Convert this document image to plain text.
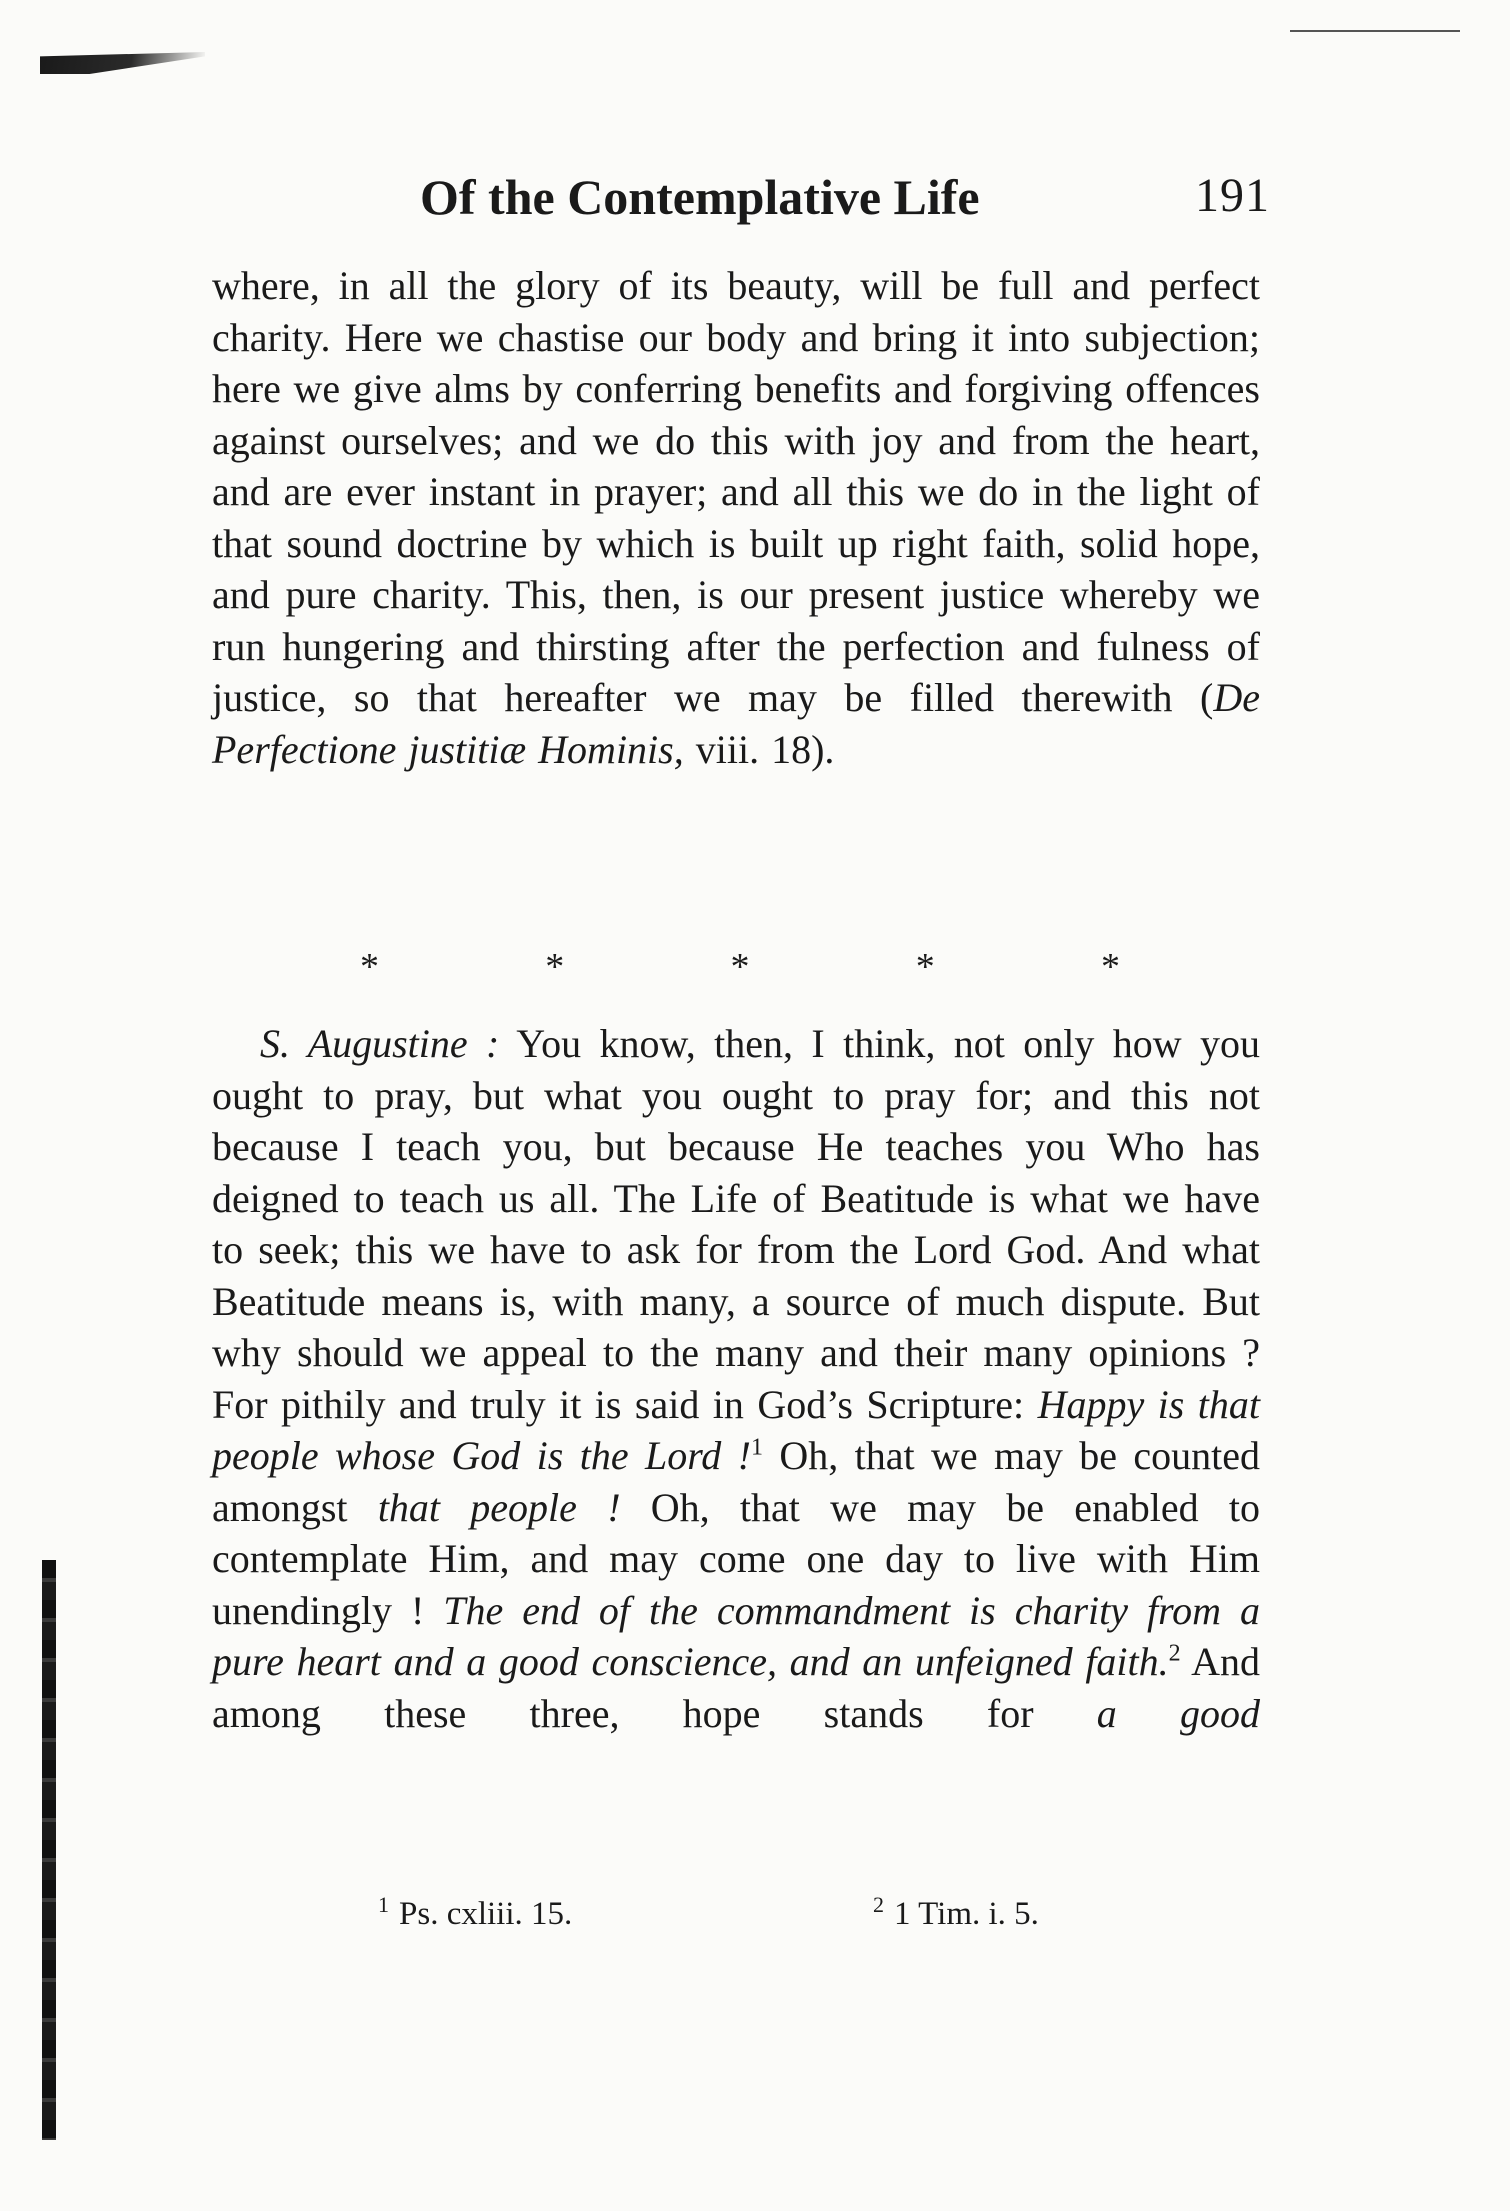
Of the Contemplative Life	191
where, in all the glory of its beauty, will be full and perfect charity. Here we chastise our body and bring it into subjection; here we give alms by conferring benefits and forgiving offences against ourselves; and we do this with joy and from the heart, and are ever instant in prayer; and all this we do in the light of that sound doctrine by which is built up right faith, solid hope, and pure charity. This, then, is our present justice whereby we run hungering and thirsting after the perfection and fulness of justice, so that hereafter we may be filled therewith (De Perfectione justitiæ Hominis, viii. 18).
*	*	*	*	*
S. Augustine : You know, then, I think, not only how you ought to pray, but what you ought to pray for; and this not because I teach you, but because He teaches you Who has deigned to teach us all. The Life of Beatitude is what we have to seek; this we have to ask for from the Lord God. And what Beatitude means is, with many, a source of much dispute. But why should we appeal to the many and their many opinions ? For pithily and truly it is said in God’s Scripture: Happy is that people whose God is the Lord !$^1$ Oh, that we may be counted amongst that people ! Oh, that we may be enabled to contemplate Him, and may come one day to live with Him unendingly ! The end of the commandment is charity from a pure heart and a good conscience, and an unfeigned faith.$^2$ And among these three, hope stands for a good
$^1$ Ps. cxliii. 15.	$^2$ 1 Tim. i. 5.
